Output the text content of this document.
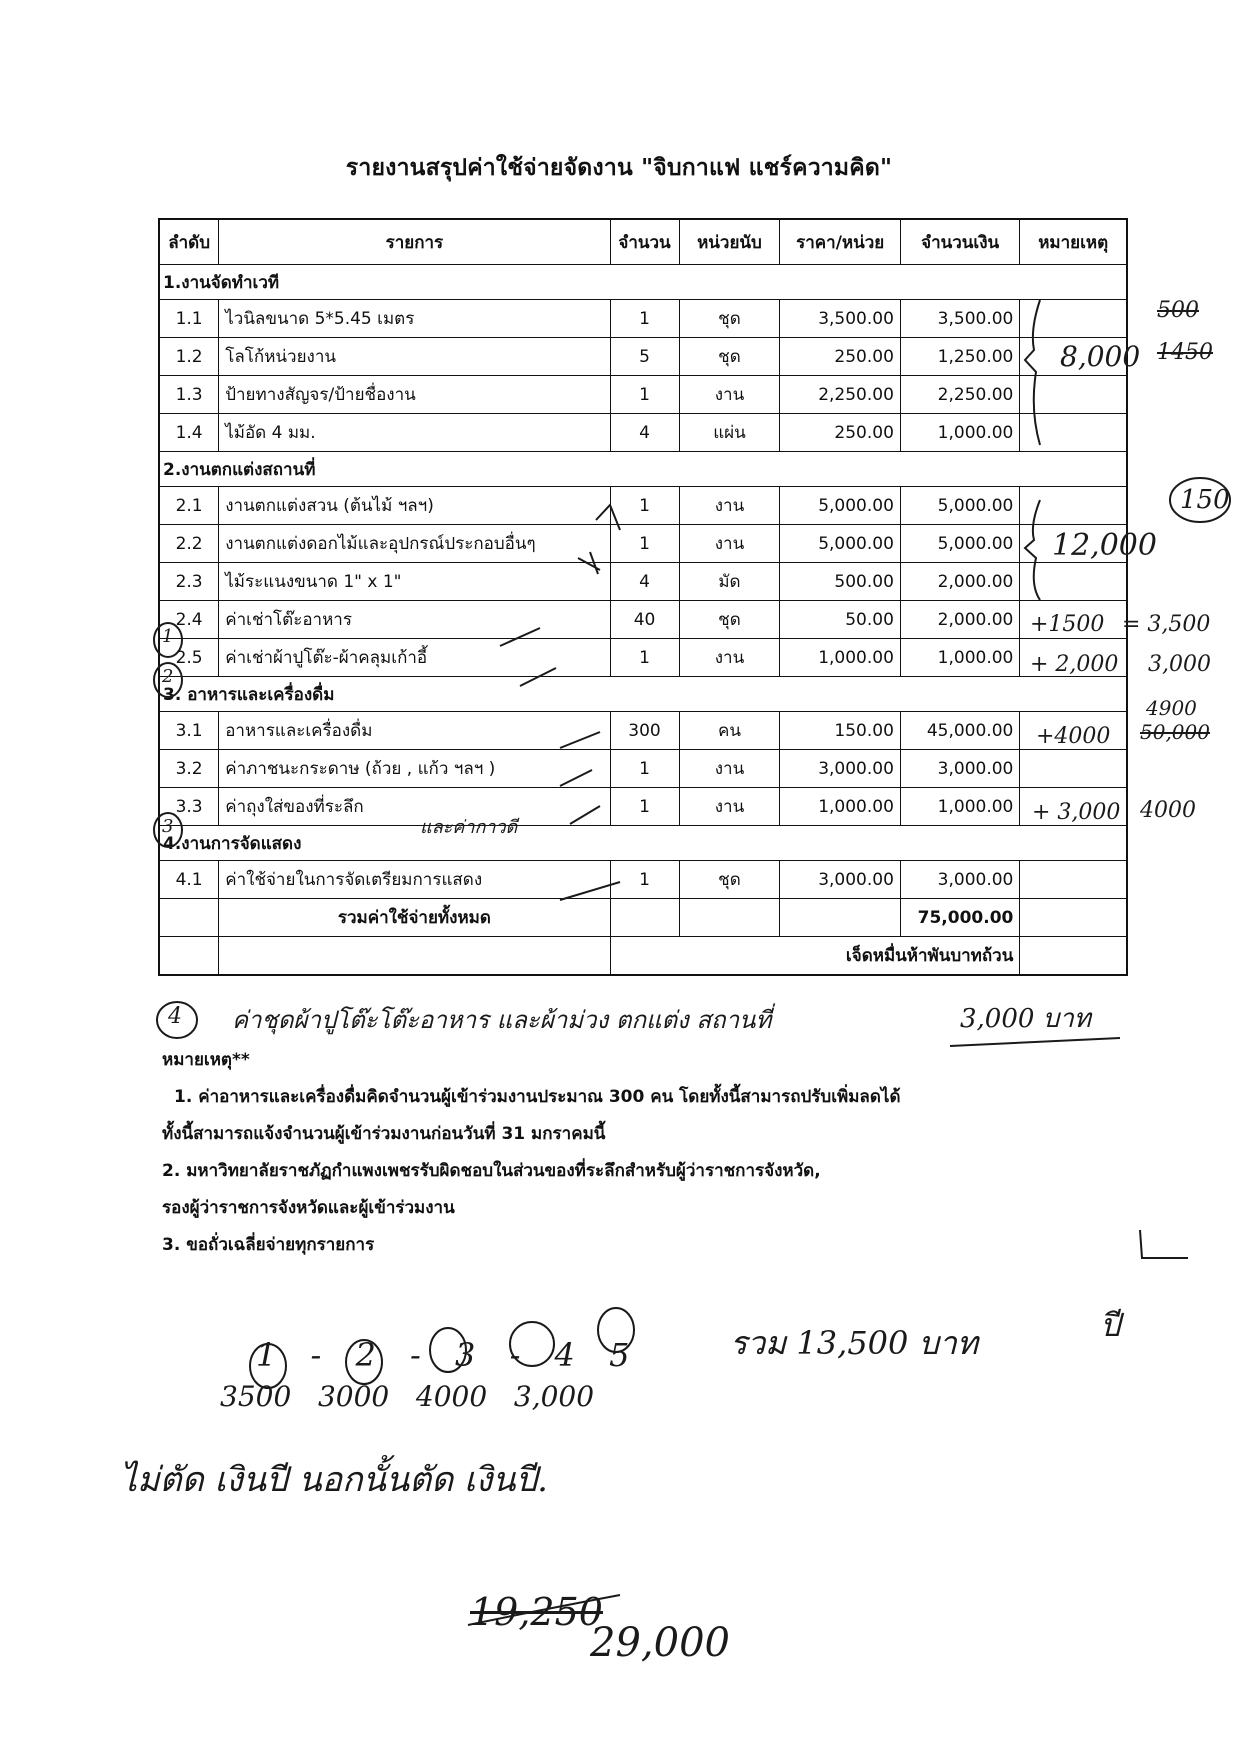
รายงานสรุปค่าใช้จ่ายจัดงาน "จิบกาแฟ แชร์ความคิด"
ลำดับ	รายการ	จำนวน	หน่วยนับ	ราคา/หน่วย	จำนวนเงิน	หมายเหตุ
1.งานจัดทำเวที						
1.1	ไวนิลขนาด 5*5.45 เมตร	1	ชุด	3,500.00	3,500.00	
1.2	โลโก้หน่วยงาน	5	ชุด	250.00	1,250.00	
1.3	ป้ายทางสัญจร/ป้ายชื่องาน	1	งาน	2,250.00	2,250.00	
1.4	ไม้อัด 4 มม.	4	แผ่น	250.00	1,000.00	
2.งานตกแต่งสถานที่						
2.1	งานตกแต่งสวน (ต้นไม้ ฯลฯ)	1	งาน	5,000.00	5,000.00	
2.2	งานตกแต่งดอกไม้และอุปกรณ์ประกอบอื่นๆ	1	งาน	5,000.00	5,000.00	
2.3	ไม้ระแนงขนาด 1" x 1"	4	มัด	500.00	2,000.00	
2.4	ค่าเช่าโต๊ะอาหาร	40	ชุด	50.00	2,000.00	
2.5	ค่าเช่าผ้าปูโต๊ะ-ผ้าคลุมเก้าอี้	1	งาน	1,000.00	1,000.00	
3. อาหารและเครื่องดื่ม						
3.1	อาหารและเครื่องดื่ม	300	คน	150.00	45,000.00	
3.2	ค่าภาชนะกระดาษ (ถ้วย , แก้ว ฯลฯ )	1	งาน	3,000.00	3,000.00	
3.3	ค่าถุงใส่ของที่ระลึก	1	งาน	1,000.00	1,000.00	
4.งานการจัดแสดง						
4.1	ค่าใช้จ่ายในการจัดเตรียมการแสดง	1	ชุด	3,000.00	3,000.00	
	รวมค่าใช้จ่ายทั้งหมด				75,000.00	
		เจ็ดหมื่นห้าพันบาทถ้วน				
หมายเหตุ**
1. ค่าอาหารและเครื่องดื่มคิดจำนวนผู้เข้าร่วมงานประมาณ 300 คน โดยทั้งนี้สามารถปรับเพิ่มลดได้
ทั้งนี้สามารถแจ้งจำนวนผู้เข้าร่วมงานก่อนวันที่ 31 มกราคมนี้
2. มหาวิทยาลัยราชภัฏกำแพงเพชรรับผิดชอบในส่วนของที่ระลึกสำหรับผู้ว่าราชการจังหวัด,
รองผู้ว่าราชการจังหวัดและผู้เข้าร่วมงาน
3. ขอถั่วเฉลี่ยจ่ายทุกรายการ
8,000
12,000
500
1450
150
+1500 = 3,500
+ 2,000 3,000
4900
50,000
+4000
+ 3,000 4000
และค่ากาวดี
1
2
3
4 ค่าชุดผ้าปูโต๊ะโต๊ะอาหาร และผ้าม่วง ตกแต่ง สถานที่	3,000 บาท
1 - 2 - 3 - 4 5	รวม 13,500 บาท	ปี
3500   3000   4000   3,000
ไม่ตัด เงินปี นอกนั้นตัด เงินปี.
19,250
29,000
